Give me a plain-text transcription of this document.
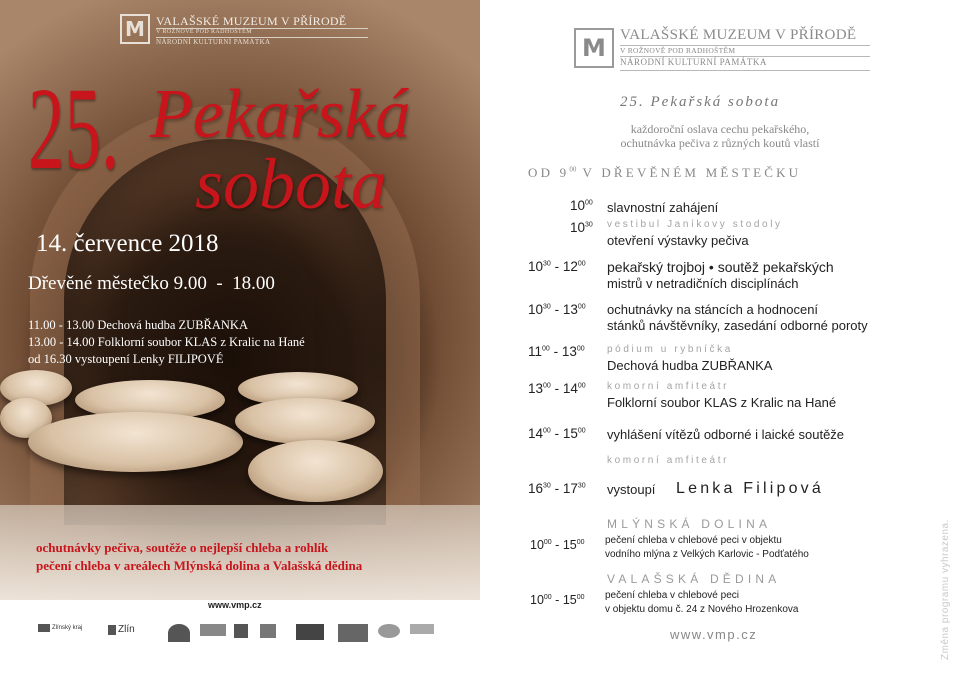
M VALAŠSKÉ MUZEUM V PŘÍRODĚ
V ROŽNOVĚ POD RADHOŠTĚM
NÁRODNÍ KULTURNÍ PAMÁTKA
25. Pekařská
sobota
14. července 2018
Dřevěné městečko 9.00  -  18.00
11.00 - 13.00 Dechová hudba ZUBŘANKA
13.00 - 14.00 Folklorní soubor KLAS z Kralic na Hané
od 16.30 vystoupení Lenky FILIPOVÉ
ochutnávky pečiva, soutěže o nejlepší chleba a rohlík
pečení chleba v areálech Mlýnská dolina a Valašská dědina
www.vmp.cz
Zlínský kraj	Zlín
M VALAŠSKÉ MUZEUM V PŘÍRODĚ
V ROŽNOVĚ POD RADHOŠTĚM
NÁRODNÍ KULTURNÍ PAMÁTKA
25. Pekařská sobota
každoroční oslava cechu pekařského,
ochutnávka pečiva z různých koutů vlastí
OD $9^{00}$ V DŘEVĚNÉM MĚSTEČKU
$10^{00}$ slavnostní zahájení
$10^{30}$ vestibul Janíkovy stodoly
otevření výstavky pečiva
$10^{30} - 12^{00}$ pekařský trojboj • soutěž pekařských
mistrů v netradičních disciplínách
$10^{30} - 13^{00}$ ochutnávky na stáncích a hodnocení
stánků návštěvníky, zasedání odborné poroty
$11^{00} - 13^{00}$ pódium u rybníčka
Dechová hudba ZUBŘANKA
$13^{00} - 14^{00}$ komorní amfiteátr
Folklorní soubor KLAS z Kralic na Hané
$14^{00} - 15^{00}$ vyhlášení vítězů odborné i laické soutěže
komorní amfiteátr
$16^{30} - 17^{30}$ vystoupí Lenka Filipová
MLÝNSKÁ DOLINA
$10^{00} - 15^{00}$ pečení chleba v chlebové peci v objektu
vodního mlýna z Velkých Karlovic - Podťatého
VALAŠSKÁ DĚDINA
$10^{00} - 15^{00}$ pečení chleba v chlebové peci
v objektu domu č. 24 z Nového Hrozenkova
www.vmp.cz	Změna programu vyhrazena.
